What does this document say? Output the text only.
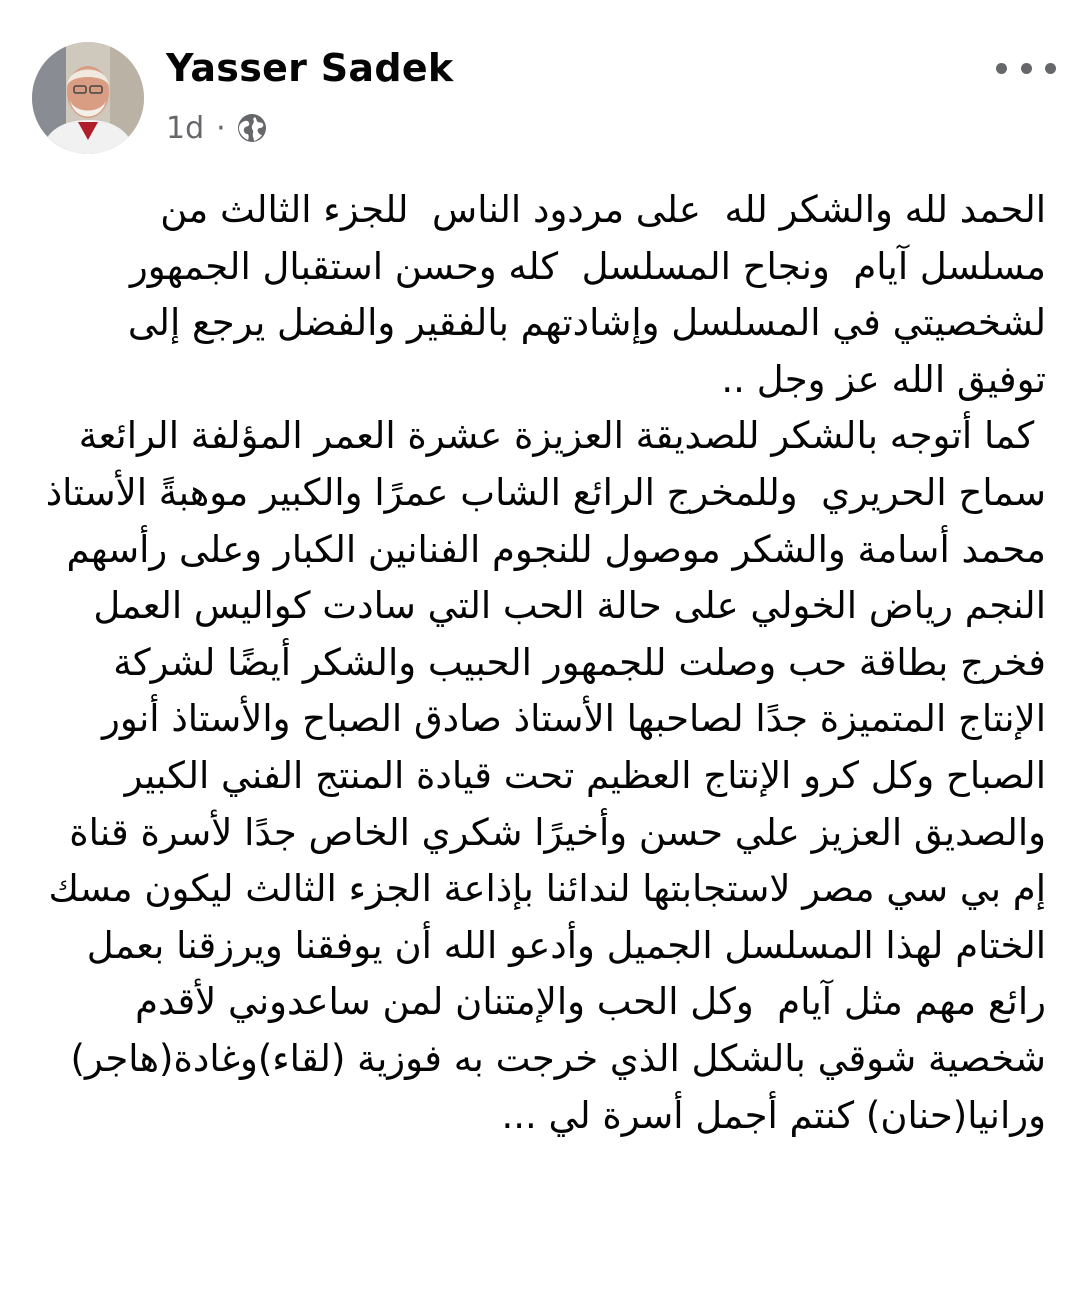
Yasser Sadek
1d ·

الحمد لله والشكر لله  على مردود الناس  للجزء الثالث من مسلسل آيام  ونجاح المسلسل  كله وحسن استقبال الجمهور لشخصيتي في المسلسل وإشادتهم بالفقير والفضل يرجع إلى توفيق الله عز وجل ..

كما أتوجه بالشكر للصديقة العزيزة عشرة العمر المؤلفة الرائعة سماح الحريري  وللمخرج الرائع الشاب عمرًا والكبير موهبةً الأستاذ محمد أسامة والشكر موصول للنجوم الفنانين الكبار وعلى رأسهم النجم رياض الخولي على حالة الحب التي سادت كواليس العمل فخرج بطاقة حب وصلت للجمهور الحبيب والشكر أيضًا لشركة الإنتاج المتميزة جدًا لصاحبها الأستاذ صادق الصباح والأستاذ أنور الصباح وكل كرو الإنتاج العظيم تحت قيادة المنتج الفني الكبير والصديق العزيز علي حسن وأخيرًا شكري الخاص جدًا لأسرة قناة إم بي سي مصر لاستجابتها لندائنا بإذاعة الجزء الثالث ليكون مسك الختام لهذا المسلسل الجميل وأدعو الله أن يوفقنا ويرزقنا بعمل رائع مهم مثل آيام  وكل الحب والإمتنان لمن ساعدوني لأقدم شخصية شوقي بالشكل الذي خرجت به فوزية (لقاء)وغادة(هاجر) ورانيا(حنان) كنتم أجمل أسرة لي ...
